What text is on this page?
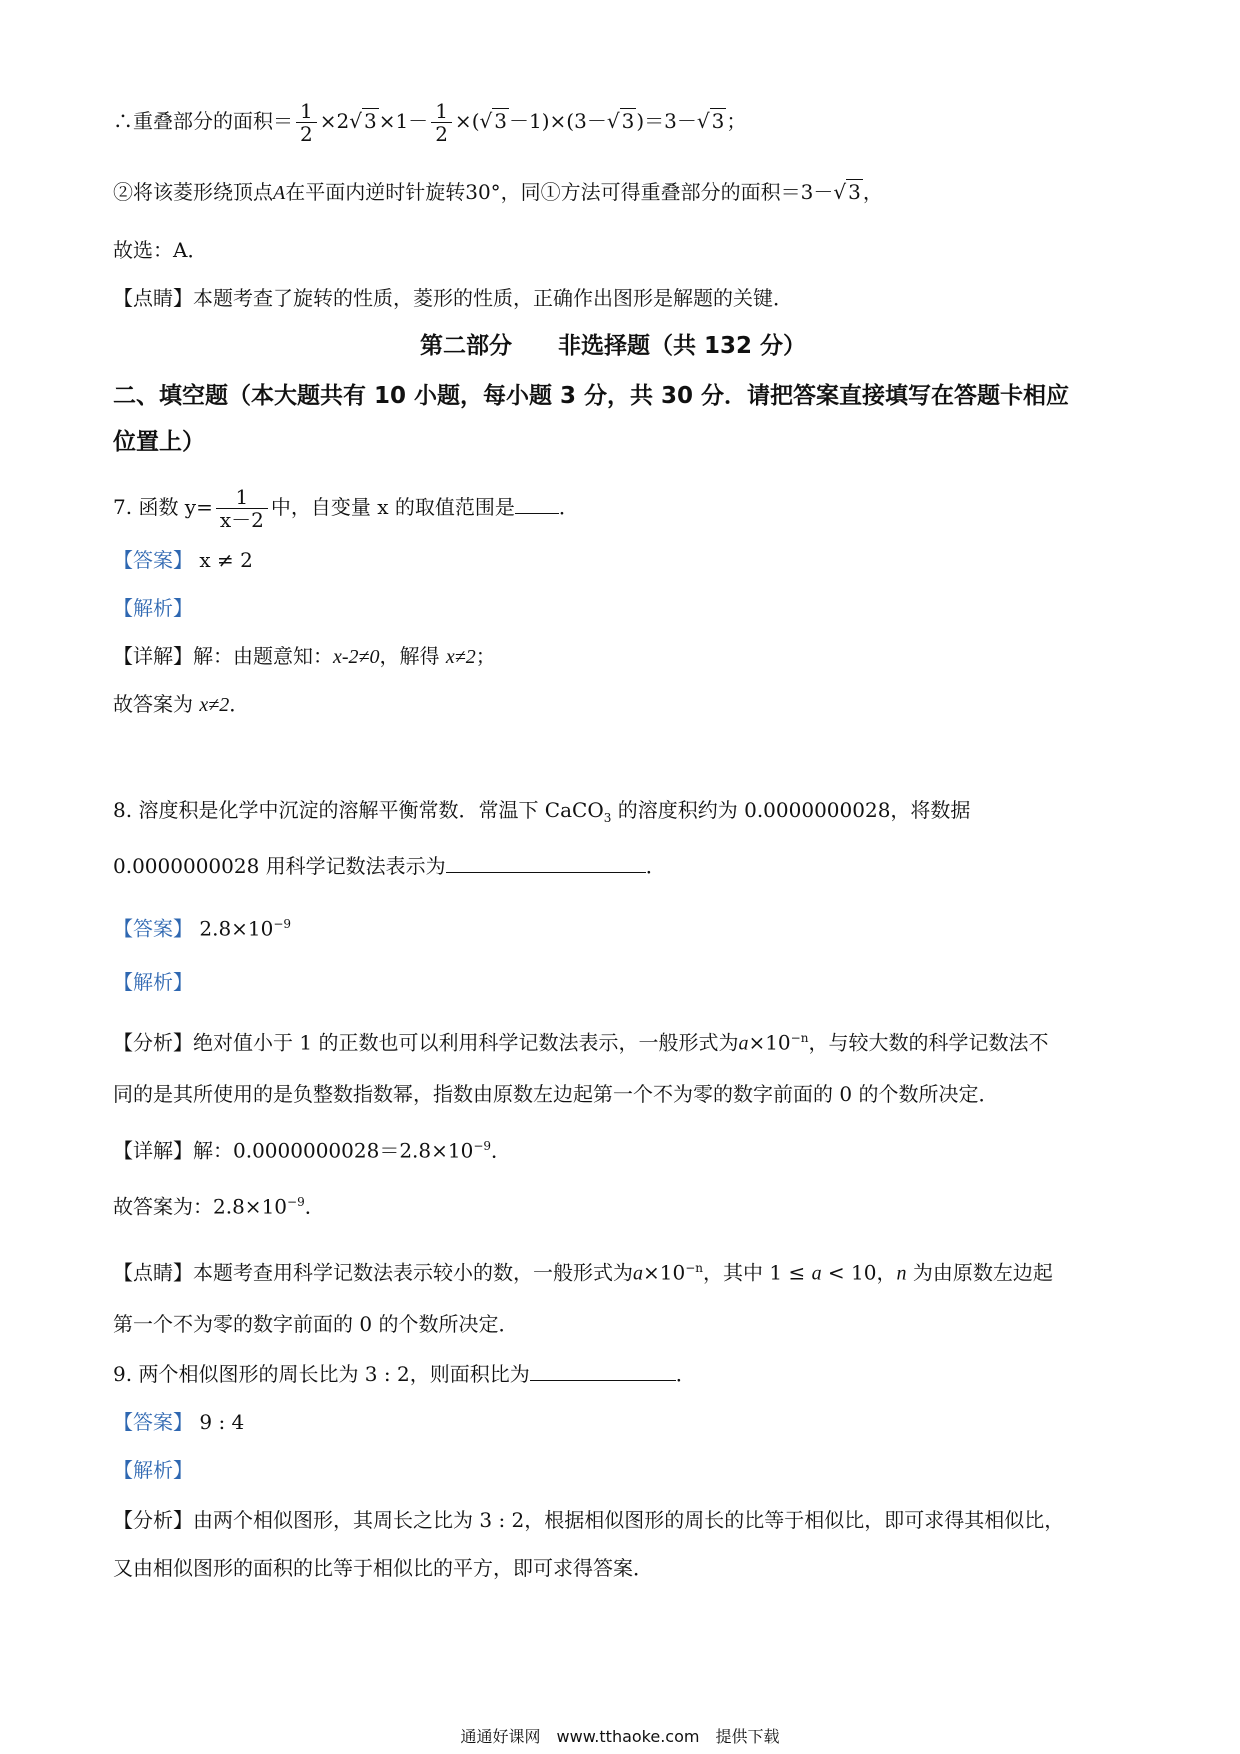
∴重叠部分的面积＝ $\frac{1}{2} \times 2√$ $3 \times 1- \frac{1}{2}$ ×(√ 3 －1)×(3－√ 3 )＝3－√ 3 ；
②将该菱形绕顶点A在平面内逆时针旋转30°，同①方法可得重叠部分的面积＝3－√ 3 ，
故选：A．
【点睛】本题考查了旋转的性质，菱形的性质，正确作出图形是解题的关键．
第二部分　　非选择题（共 132 分）
二、填空题（本大题共有 10 小题，每小题 3 分，共 30 分．请把答案直接填写在答题卡相应
位置上）
7. 函数 $y= \frac{1}{x-2}$ 中，自变量 x 的取值范围是 ．
【答案】 x ≠ 2
【解析】
【详解】解：由题意知：x-2≠0，解得 x≠2；
故答案为 x≠2．
8. 溶度积是化学中沉淀的溶解平衡常数．常温下 CaCO$_3$ 的溶度积约为 0.0000000028，将数据
0.0000000028 用科学记数法表示为	．
【答案】 $2.8\times 10^{-9}$
【解析】
【分析】绝对值小于 1 的正数也可以利用科学记数法表示，一般形式为$a\times 10^{-n}$，与较大数的科学记数法不
同的是其所使用的是负整数指数幂，指数由原数左边起第一个不为零的数字前面的 0 的个数所决定．
【详解】解：$0.0000000028=2.8\times 10^{-9}$．
故答案为：$2.8\times 10^{-9}$．
【点睛】本题考查用科学记数法表示较小的数，一般形式为$a\times 10^{-n}$，其中 1 ≤ a < 10，n 为由原数左边起
第一个不为零的数字前面的 0 的个数所决定．
9. 两个相似图形的周长比为 3 : 2，则面积比为	．
【答案】 9 : 4
【解析】
【分析】由两个相似图形，其周长之比为 3 : 2，根据相似图形的周长的比等于相似比，即可求得其相似比，
又由相似图形的面积的比等于相似比的平方，即可求得答案．
通通好课网　www.tthaoke.com　提供下载
